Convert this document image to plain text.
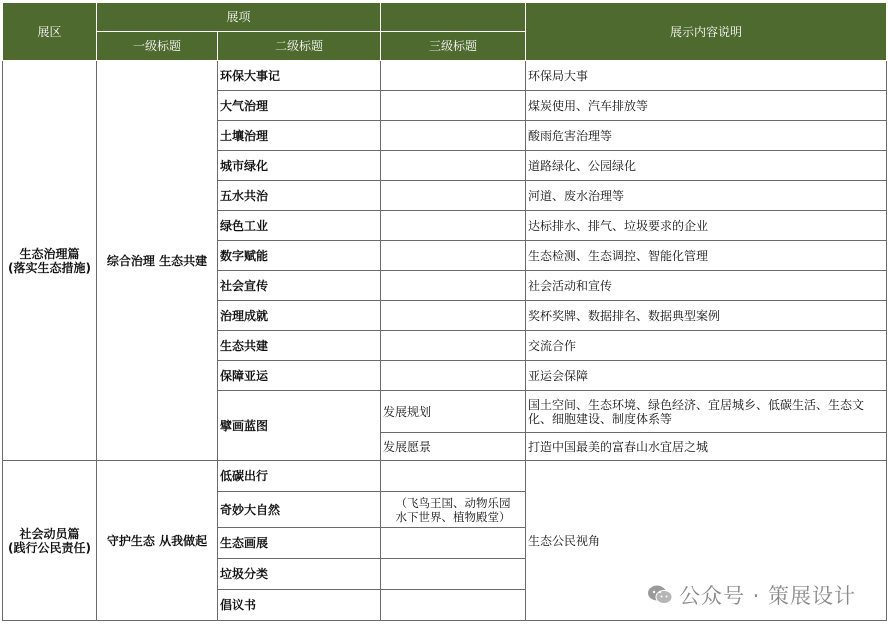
展区	展项			展示内容说明
	一级标题	二级标题	三级标题	

生态治理篇
(落实生态措施)	综合治理 生态共建	环保大事记		环保局大事
		大气治理		煤炭使用、汽车排放等
		土壤治理		酸雨危害治理等
		城市绿化		道路绿化、公园绿化
		五水共治		河道、废水治理等
		绿色工业		达标排水、排气、垃圾要求的企业
		数字赋能		生态检测、生态调控、智能化管理
		社会宣传		社会活动和宣传
		治理成就		奖杯奖牌、数据排名、数据典型案例
		生态共建		交流合作
		保障亚运		亚运会保障
		擘画蓝图	发展规划	国土空间、生态环境、绿色经济、宜居城乡、低碳生活、生态文化、细胞建设、制度体系等
			发展愿景	打造中国最美的富春山水宜居之城

社会动员篇
(践行公民责任)	守护生态 从我做起	低碳出行		生态公民视角
		奇妙大自然	（飞鸟王国、动物乐园
水下世界、植物殿堂）	
		生态画展		
		垃圾分类		
		倡议书			公众号 · 策展设计
